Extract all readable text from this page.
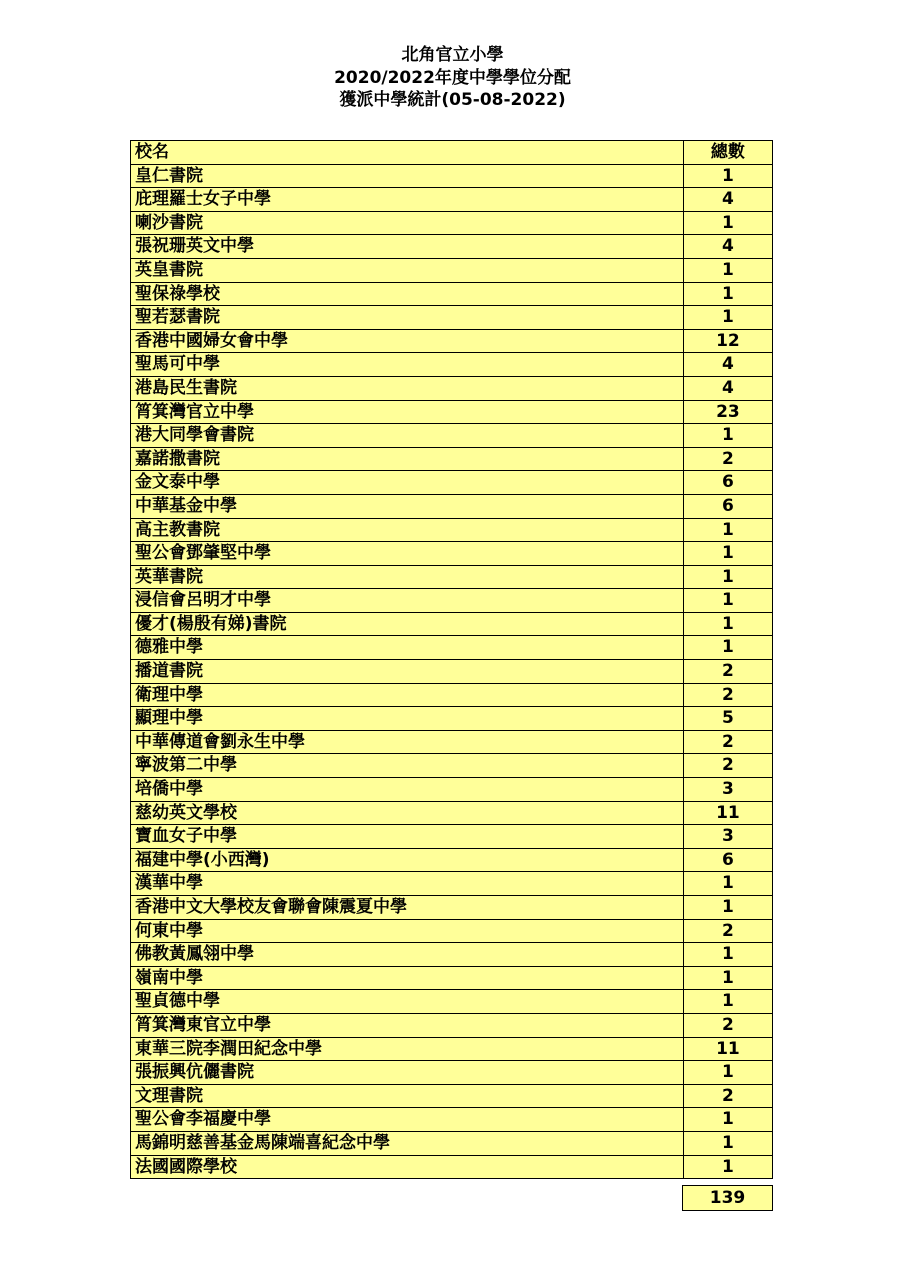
北角官立小學
2020/2022年度中學學位分配
獲派中學統計(05-08-2022)
校名	總數
皇仁書院	1
庇理羅士女子中學	4
喇沙書院	1
張祝珊英文中學	4
英皇書院	1
聖保祿學校	1
聖若瑟書院	1
香港中國婦女會中學	12
聖馬可中學	4
港島民生書院	4
筲箕灣官立中學	23
港大同學會書院	1
嘉諾撒書院	2
金文泰中學	6
中華基金中學	6
高主教書院	1
聖公會鄧肇堅中學	1
英華書院	1
浸信會呂明才中學	1
優才(楊殷有娣)書院	1
德雅中學	1
播道書院	2
衛理中學	2
顯理中學	5
中華傳道會劉永生中學	2
寧波第二中學	2
培僑中學	3
慈幼英文學校	11
寶血女子中學	3
福建中學(小西灣)	6
漢華中學	1
香港中文大學校友會聯會陳震夏中學	1
何東中學	2
佛教黃鳳翎中學	1
嶺南中學	1
聖貞德中學	1
筲箕灣東官立中學	2
東華三院李潤田紀念中學	11
張振興伉儷書院	1
文理書院	2
聖公會李福慶中學	1
馬錦明慈善基金馬陳端喜紀念中學	1
法國國際學校	1
139
